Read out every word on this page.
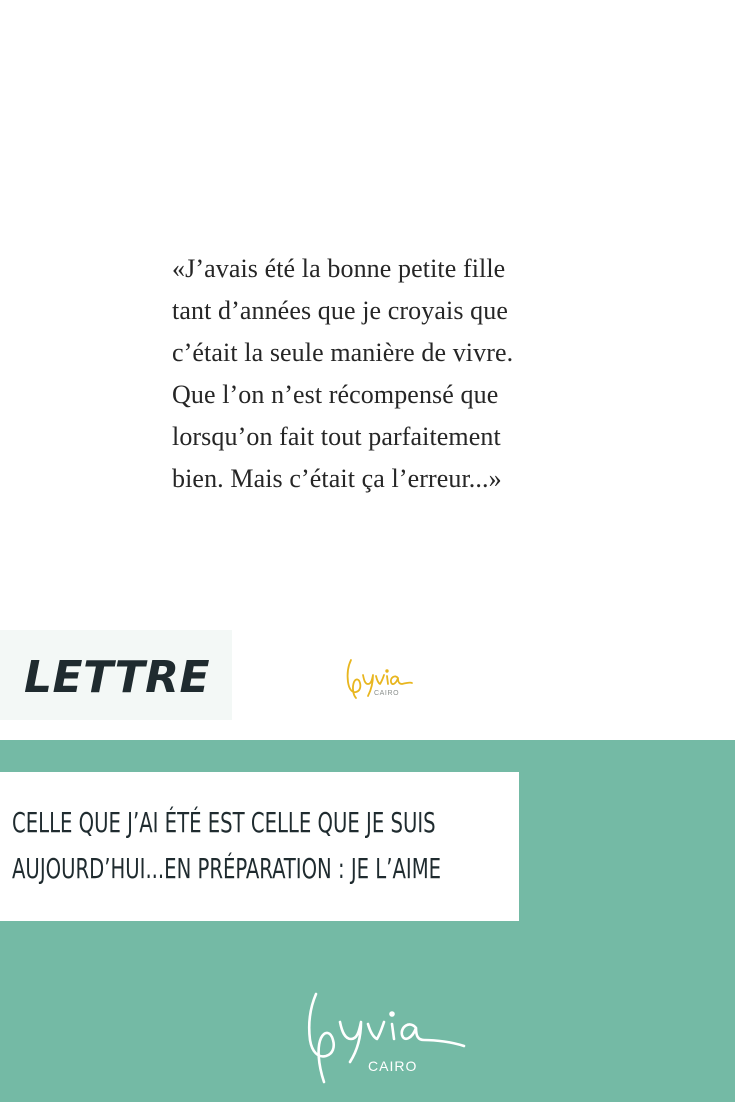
«J’avais été la bonne petite fille
tant d’années que je croyais que
c’était la seule manière de vivre.
Que l’on n’est récompensé que
lorsqu’on fait tout parfaitement
bien. Mais c’était ça l’erreur...»
LETTRE	CAIRO
CELLE QUE J’AI ÉTÉ EST CELLE QUE JE SUIS
AUJOURD’HUI...EN PRÉPARATION : JE L’AIME
CAIRO
